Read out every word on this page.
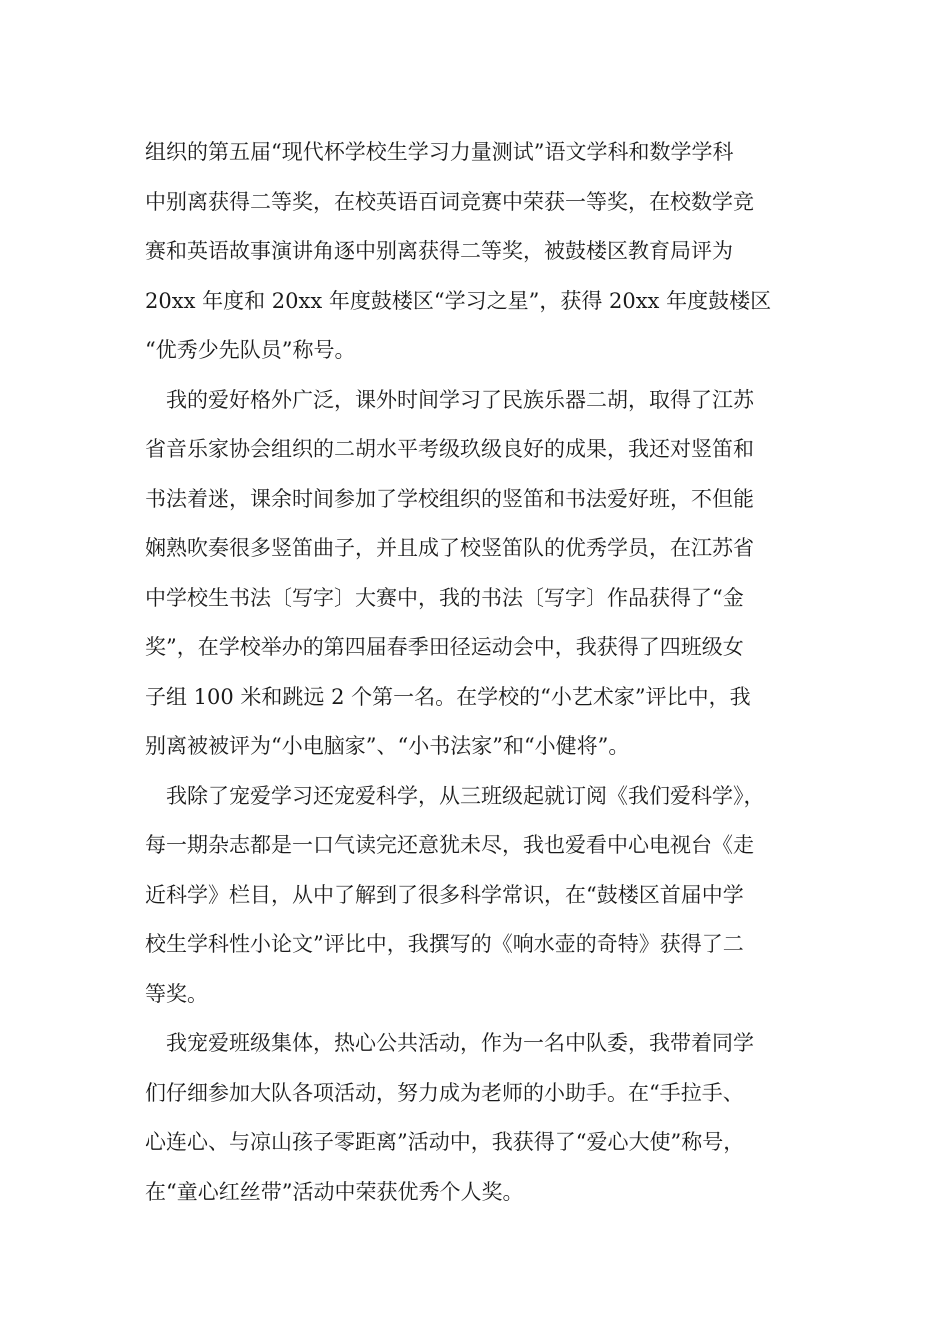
组织的第五届“现代杯学校生学习力量测试”语文学科和数学学科
中别离获得二等奖，在校英语百词竞赛中荣获一等奖，在校数学竞
赛和英语故事演讲角逐中别离获得二等奖，被鼓楼区教育局评为
20xx 年度和 20xx 年度鼓楼区“学习之星”，获得 20xx 年度鼓楼区
“优秀少先队员”称号。
我的爱好格外广泛，课外时间学习了民族乐器二胡，取得了江苏
省音乐家协会组织的二胡水平考级玖级良好的成果，我还对竖笛和
书法着迷，课余时间参加了学校组织的竖笛和书法爱好班，不但能
娴熟吹奏很多竖笛曲子，并且成了校竖笛队的优秀学员，在江苏省
中学校生书法〔写字〕大赛中，我的书法〔写字〕作品获得了“金
奖”，在学校举办的第四届春季田径运动会中，我获得了四班级女
子组 100 米和跳远 2 个第一名。在学校的“小艺术家”评比中，我
别离被被评为“小电脑家”、“小书法家”和“小健将”。
我除了宠爱学习还宠爱科学，从三班级起就订阅《我们爱科学》，
每一期杂志都是一口气读完还意犹未尽，我也爱看中心电视台《走
近科学》栏目，从中了解到了很多科学常识，在“鼓楼区首届中学
校生学科性小论文”评比中，我撰写的《响水壶的奇特》获得了二
等奖。
我宠爱班级集体，热心公共活动，作为一名中队委，我带着同学
们仔细参加大队各项活动，努力成为老师的小助手。在“手拉手、
心连心、与凉山孩子零距离”活动中，我获得了“爱心大使”称号，
在“童心红丝带”活动中荣获优秀个人奖。
